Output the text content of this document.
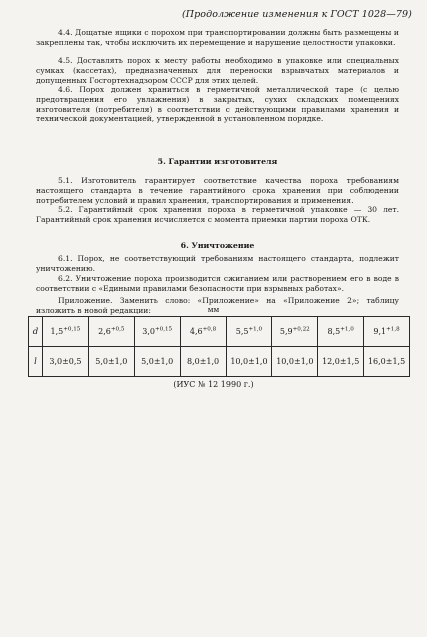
(Продолжение изменения к ГОСТ 1028—79)
4.4. Дощатые ящики с порохом при транспортировании должны быть размещены и закреплены так, чтобы исключить их перемещение и нарушение целостности упаковки.
4.5. Доставлять порох к месту работы необходимо в упаковке или специальных сумках (кассетах), предназначенных для переноски взрывчатых материалов и допущенных Госгортехнадзором СССР для этих целей.
4.6. Порох должен храниться в герметичной металлической таре (с целью предотвращения его увлажнения) в закрытых, сухих складских помещениях изготовителя (потребителя) в соответствии с действующими правилами хранения и технической документацией, утвержденной в установленном порядке.
5. Гарантии изготовителя
5.1. Изготовитель гарантирует соответствие качества пороха требованиям настоящего стандарта в течение гарантийного срока хранения при соблюдении потребителем условий и правил хранения, транспортирования и применения.
5.2. Гарантийный срок хранения пороха в герметичной упаковке — 30 лет. Гарантийный срок хранения исчисляется с момента приемки партии пороха ОТК.
6. Уничтожение
6.1. Порох, не соответствующий требованиям настоящего стандарта, подлежит уничтожению.
6.2. Уничтожение пороха производится сжиганием или растворением его в воде в соответствии с «Едиными правилами безопасности при взрывных работах».
Приложение. Заменить слово: «Приложение» на «Приложение 2»; таблицу изложить в новой редакции:	мм
d	$1,5^{+0,15}$	$2,6^{+0,5}$	$3,0^{+0,15}$	$4,6^{+0,8}$	$5,5^{+1,0}$	$5,9^{+0,22}$	$8,5^{+1,0}$	$9,1^{+1,8}$
l	3,0±0,5	5,0±1,0	5,0±1,0	8,0±1,0	10,0±1,0	10,0±1,0	12,0±1,5	16,0±1,5
(ИУС № 12 1990 г.)
